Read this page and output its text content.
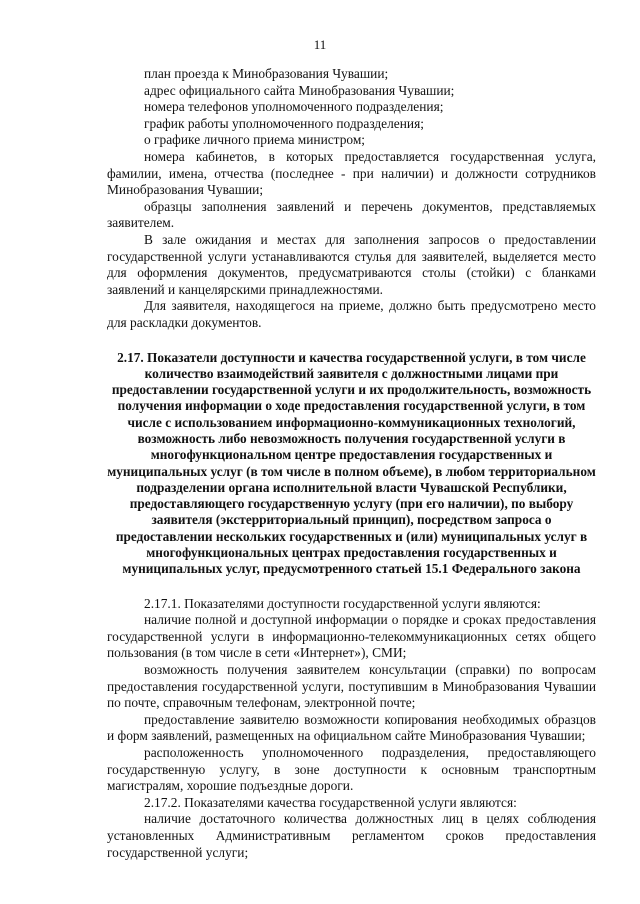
11

план проезда к Минобразования Чувашии;

адрес официального сайта Минобразования Чувашии;

номера телефонов уполномоченного подразделения;

график работы уполномоченного подразделения;

о графике личного приема министром;

номера кабинетов, в которых предоставляется государственная услуга, фамилии, имена, отчества (последнее - при наличии) и должности сотрудников Минобразования Чувашии;

образцы заполнения заявлений и перечень документов, представляемых заявителем.

В зале ожидания и местах для заполнения запросов о предоставлении государственной услуги устанавливаются стулья для заявителей, выделяется место для оформления документов, предусматриваются столы (стойки) с бланками заявлений и канцелярскими принадлежностями.

Для заявителя, находящегося на приеме, должно быть предусмотрено место для раскладки документов.

2.17. Показатели доступности и качества государственной услуги, в том числе количество взаимодействий заявителя с должностными лицами при предоставлении государственной услуги и их продолжительность, возможность получения информации о ходе предоставления государственной услуги, в том числе с использованием информационно-коммуникационных технологий, возможность либо невозможность получения государственной услуги в многофункциональном центре предоставления государственных и муниципальных услуг (в том числе в полном объеме), в любом территориальном подразделении органа исполнительной власти Чувашской Республики, предоставляющего государственную услугу (при его наличии), по выбору заявителя (экстерриториальный принцип), посредством запроса о предоставлении нескольких государственных и (или) муниципальных услуг в многофункциональных центрах предоставления государственных и муниципальных услуг, предусмотренного статьей 15.1 Федерального закона

2.17.1. Показателями доступности государственной услуги являются:

наличие полной и доступной информации о порядке и сроках предоставления государственной услуги в информационно-телекоммуникационных сетях общего пользования (в том числе в сети «Интернет»), СМИ;

возможность получения заявителем консультации (справки) по вопросам предоставления государственной услуги, поступившим в Минобразования Чувашии по почте, справочным телефонам, электронной почте;

предоставление заявителю возможности копирования необходимых образцов и форм заявлений, размещенных на официальном сайте Минобразования Чувашии;

расположенность уполномоченного подразделения, предоставляющего государственную услугу, в зоне доступности к основным транспортным магистралям, хорошие подъездные дороги.

2.17.2. Показателями качества государственной услуги являются:

наличие достаточного количества должностных лиц в целях соблюдения установленных Административным регламентом сроков предоставления государственной услуги;
